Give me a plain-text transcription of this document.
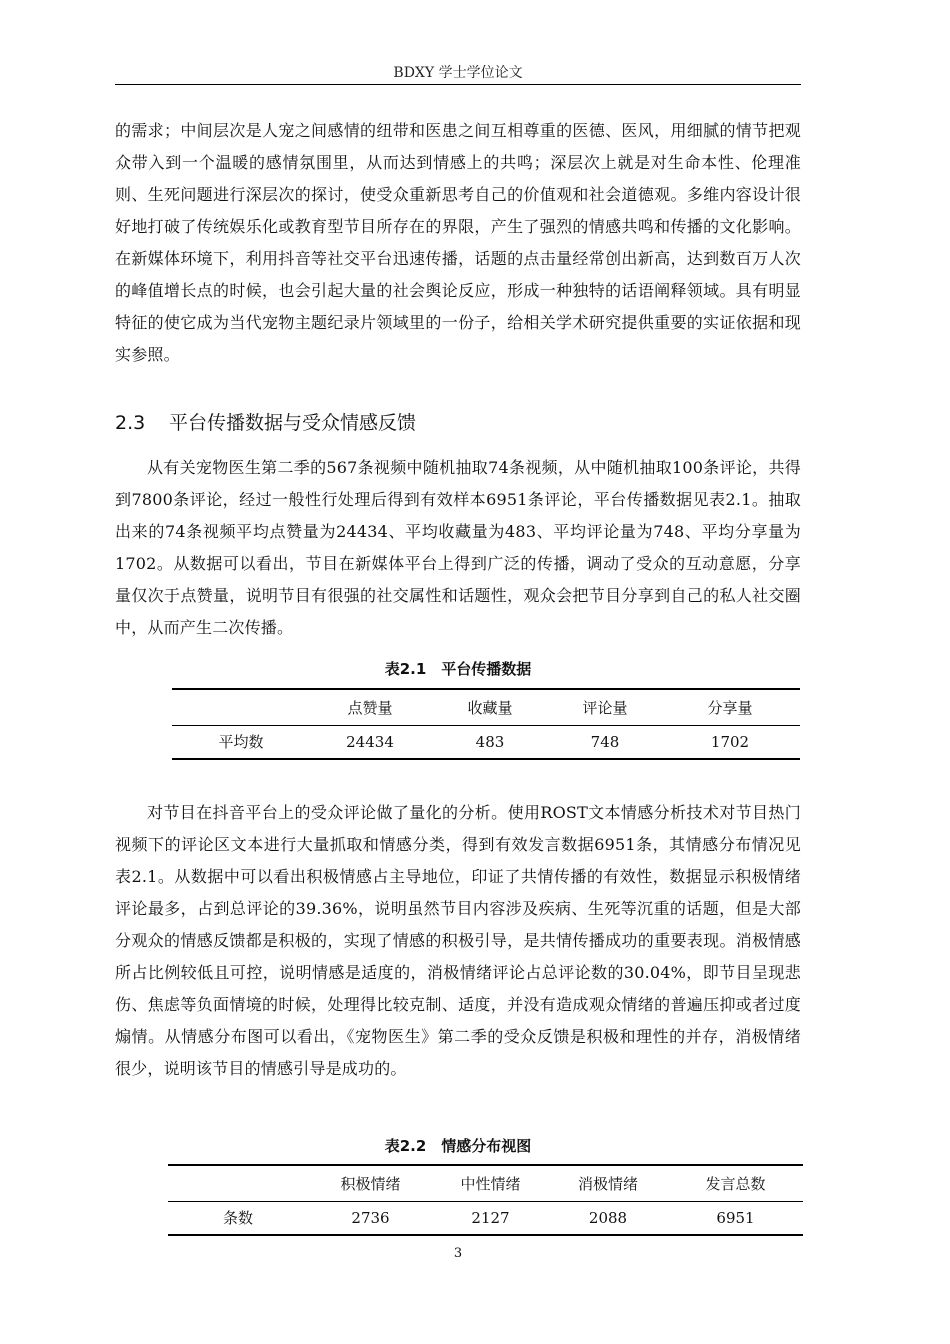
BDXY 学士学位论文

的需求；中间层次是人宠之间感情的纽带和医患之间互相尊重的医德、医风，用细腻的情节把观众带入到一个温暖的感情氛围里，从而达到情感上的共鸣；深层次上就是对生命本性、伦理准则、生死问题进行深层次的探讨，使受众重新思考自己的价值观和社会道德观。多维内容设计很好地打破了传统娱乐化或教育型节目所存在的界限，产生了强烈的情感共鸣和传播的文化影响。在新媒体环境下，利用抖音等社交平台迅速传播，话题的点击量经常创出新高，达到数百万人次的峰值增长点的时候，也会引起大量的社会舆论反应，形成一种独特的话语阐释领域。具有明显特征的使它成为当代宠物主题纪录片领域里的一份子，给相关学术研究提供重要的实证依据和现实参照。

2.3 平台传播数据与受众情感反馈

从有关宠物医生第二季的567条视频中随机抽取74条视频，从中随机抽取100条评论，共得到7800条评论，经过一般性行处理后得到有效样本6951条评论，平台传播数据见表2.1。抽取出来的74条视频平均点赞量为24434、平均收藏量为483、平均评论量为748、平均分享量为1702。从数据可以看出，节目在新媒体平台上得到广泛的传播，调动了受众的互动意愿，分享量仅次于点赞量，说明节目有很强的社交属性和话题性，观众会把节目分享到自己的私人社交圈中，从而产生二次传播。

表2.1　平台传播数据
	点赞量	收藏量	评论量	分享量
平均数	24434	483	748	1702

对节目在抖音平台上的受众评论做了量化的分析。使用ROST文本情感分析技术对节目热门视频下的评论区文本进行大量抓取和情感分类，得到有效发言数据6951条，其情感分布情况见表2.1。从数据中可以看出积极情感占主导地位，印证了共情传播的有效性，数据显示积极情绪评论最多，占到总评论的39.36%，说明虽然节目内容涉及疾病、生死等沉重的话题，但是大部分观众的情感反馈都是积极的，实现了情感的积极引导，是共情传播成功的重要表现。消极情感所占比例较低且可控，说明情感是适度的，消极情绪评论占总评论数的30.04%，即节目呈现悲伤、焦虑等负面情境的时候，处理得比较克制、适度，并没有造成观众情绪的普遍压抑或者过度煽情。从情感分布图可以看出，《宠物医生》第二季的受众反馈是积极和理性的并存，消极情绪很少，说明该节目的情感引导是成功的。

表2.2　情感分布视图
	积极情绪	中性情绪	消极情绪	发言总数
条数	2736	2127	2088	6951
3
